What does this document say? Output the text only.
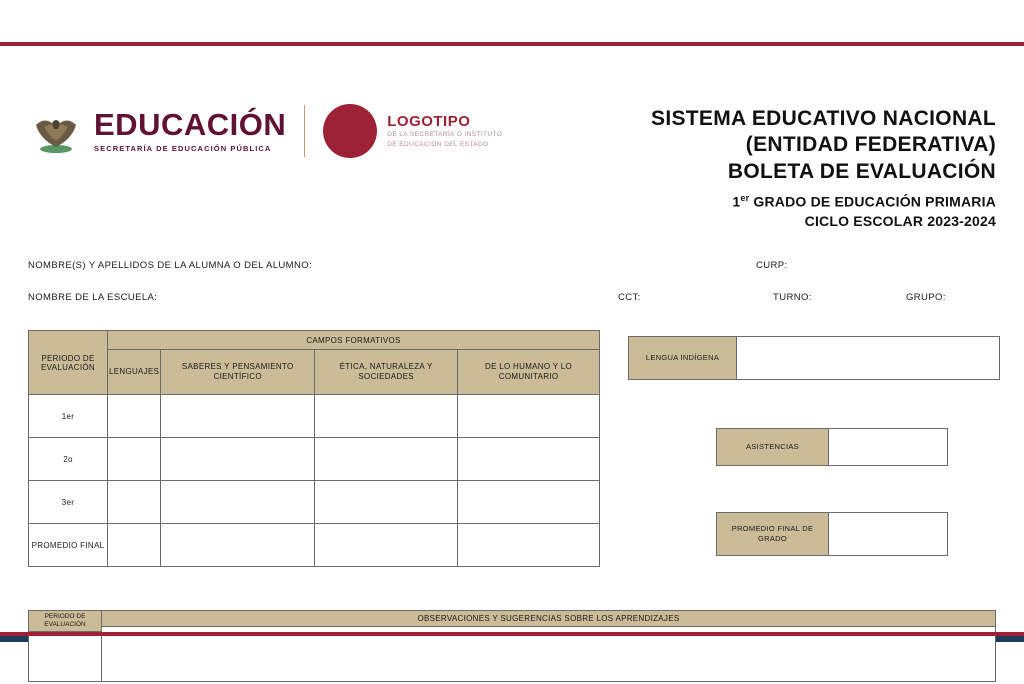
EDUCACIÓN
SECRETARÍA DE EDUCACIÓN PÚBLICA
LOGOTIPO
DE LA SECRETARÍA O INSTITUTO
DE EDUCACIÓN DEL ESTADO
SISTEMA EDUCATIVO NACIONAL
(ENTIDAD FEDERATIVA)
BOLETA DE EVALUACIÓN
1er GRADO DE EDUCACIÓN PRIMARIA
CICLO ESCOLAR 2023-2024
NOMBRE(S) Y APELLIDOS DE LA ALUMNA O DEL ALUMNO:	CURP:
NOMBRE DE LA ESCUELA:	CCT:	TURNO:	GRUPO:
PERIODO DE EVALUACIÓN	CAMPOS FORMATIVOS			
	LENGUAJES	SABERES Y PENSAMIENTO CIENTÍFICO	ÉTICA, NATURALEZA Y SOCIEDADES	DE LO HUMANO Y LO COMUNITARIO
1er				
2o				
3er				
PROMEDIO FINAL				
LENGUA INDÍGENA
ASISTENCIAS
PROMEDIO FINAL DE GRADO
PERIODO DE EVALUACIÓN
OBSERVACIONES Y SUGERENCIAS SOBRE LOS APRENDIZAJES
